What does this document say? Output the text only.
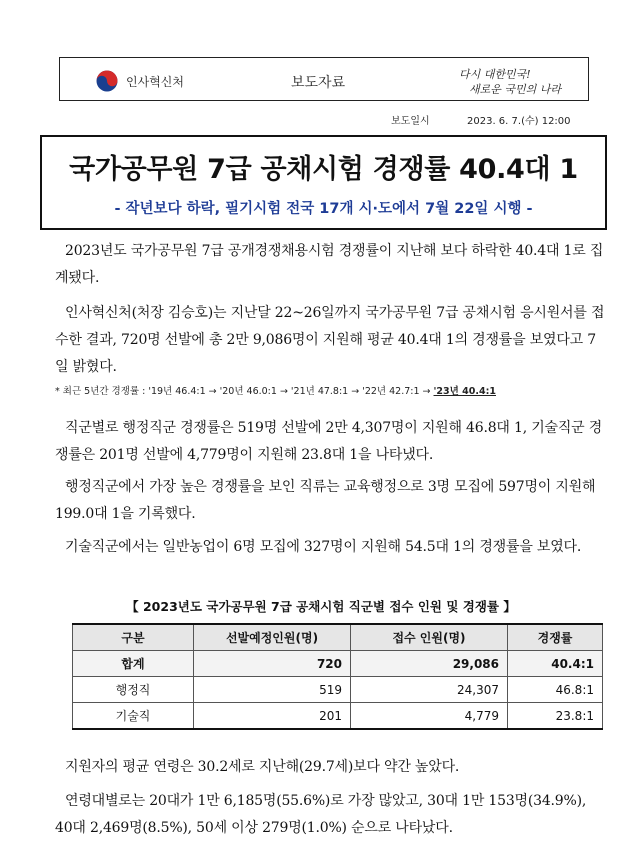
인사혁신처	보도자료
다시 대한민국!
새로운 국민의 나라
보도일시	2023. 6. 7.(수) 12:00
국가공무원 7급 공채시험 경쟁률 40.4대 1
- 작년보다 하락, 필기시험 전국 17개 시·도에서 7월 22일 시행 -

2023년도 국가공무원 7급 공개경쟁채용시험 경쟁률이 지난해 보다 하락한 40.4대 1로 집계됐다.

인사혁신처(처장 김승호)는 지난달 22~26일까지 국가공무원 7급 공채시험 응시원서를 접수한 결과, 720명 선발에 총 2만 9,086명이 지원해 평균 40.4대 1의 경쟁률을 보였다고 7일 밝혔다.

* 최근 5년간 경쟁률 : '19년 46.4:1 → '20년 46.0:1 → '21년 47.8:1 → '22년 42.7:1 → '23년 40.4:1

직군별로 행정직군 경쟁률은 519명 선발에 2만 4,307명이 지원해 46.8대 1, 기술직군 경쟁률은 201명 선발에 4,779명이 지원해 23.8대 1을 나타냈다.

행정직군에서 가장 높은 경쟁률을 보인 직류는 교육행정으로 3명 모집에 597명이 지원해 199.0대 1을 기록했다.

기술직군에서는 일반농업이 6명 모집에 327명이 지원해 54.5대 1의 경쟁률을 보였다.

【 2023년도 국가공무원 7급 공채시험 직군별 접수 인원 및 경쟁률 】
구분	선발예정인원(명)	접수 인원(명)	경쟁률
합계	720	29,086	40.4:1
행정직	519	24,307	46.8:1
기술직	201	4,779	23.8:1

지원자의 평균 연령은 30.2세로 지난해(29.7세)보다 약간 높았다.

연령대별로는 20대가 1만 6,185명(55.6%)로 가장 많았고, 30대 1만 153명(34.9%), 40대 2,469명(8.5%), 50세 이상 279명(1.0%) 순으로 나타났다.
